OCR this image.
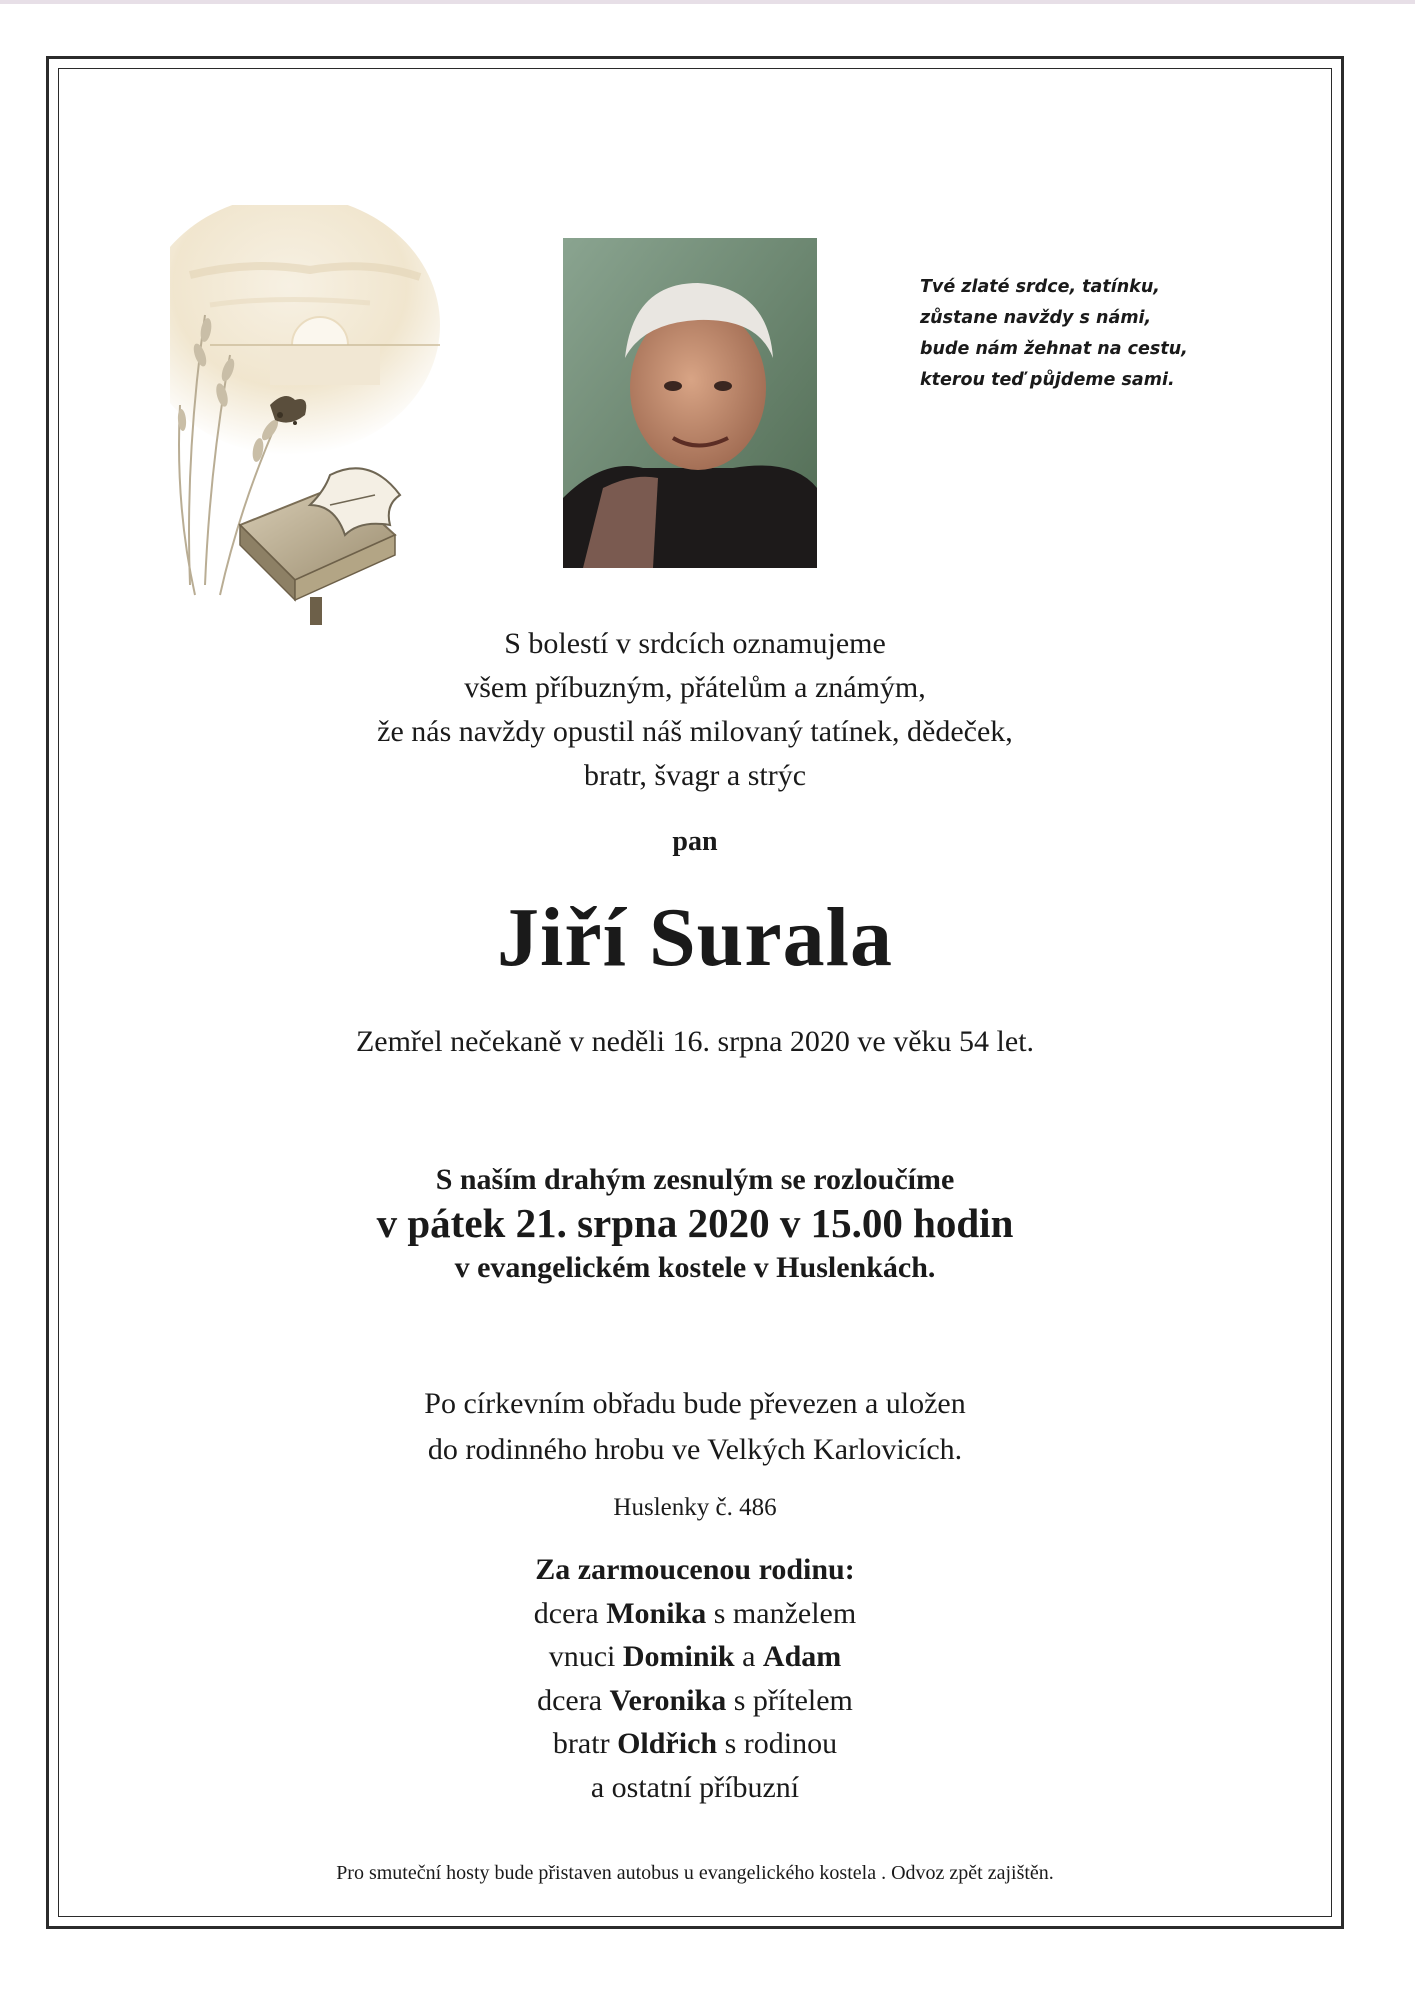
Tvé zlaté srdce, tatínku,
zůstane navždy s námi,
bude nám žehnat na cestu,
kterou teď půjdeme sami.
S bolestí v srdcích oznamujeme
všem příbuzným, přátelům a známým,
že nás navždy opustil náš milovaný tatínek, dědeček,
bratr, švagr a strýc
pan
Jiří Surala
Zemřel nečekaně v neděli 16. srpna 2020 ve věku 54 let.
S naším drahým zesnulým se rozloučíme
v pátek 21. srpna 2020 v 15.00 hodin
v evangelickém kostele v Huslenkách.
Po církevním obřadu bude převezen a uložen
do rodinného hrobu ve Velkých Karlovicích.
Huslenky č. 486
Za zarmoucenou rodinu:
dcera Monika s manželem
vnuci Dominik a Adam
dcera Veronika s přítelem
bratr Oldřich s rodinou
a ostatní příbuzní
Pro smuteční hosty bude přistaven autobus u evangelického kostela . Odvoz zpět zajištěn.
